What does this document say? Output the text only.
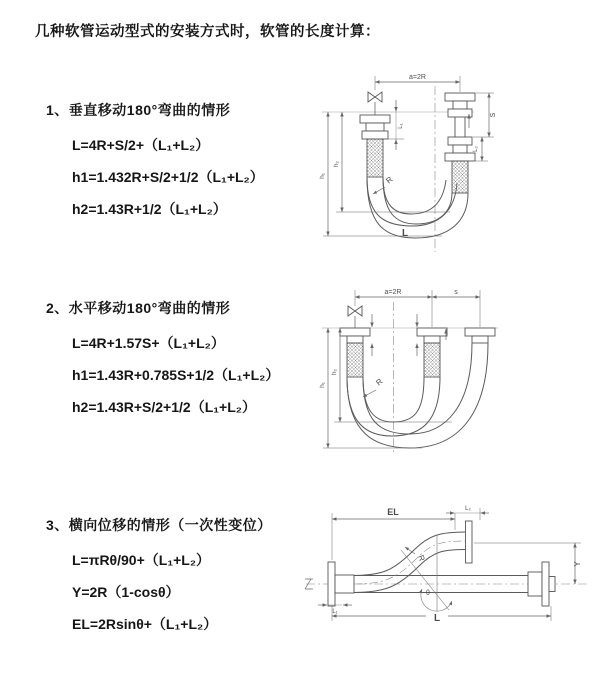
几种软管运动型式的安装方式时，软管的长度计算：
1、垂直移动180°弯曲的情形
L=4R+S/2+（L₁+L₂）
h1=1.432R+S/2+1/2（L₁+L₂）
h2=1.43R+1/2（L₁+L₂）
2、水平移动180°弯曲的情形
L=4R+1.57S+（L₁+L₂）
h1=1.43R+0.785S+1/2（L₁+L₂）
h2=1.43R+S/2+1/2（L₁+L₂）
3、横向位移的情形（一次性变位）
L=πRθ/90+（L₁+L₂）
Y=2R（1-cosθ）
EL=2Rsinθ+（L₁+L₂）
a=2R
h₁
h₂
L₁
S
L₂
R
L
a=2R	s
h₁
h₂
R
EL	L₂
Y
R
θ
L
L₁
